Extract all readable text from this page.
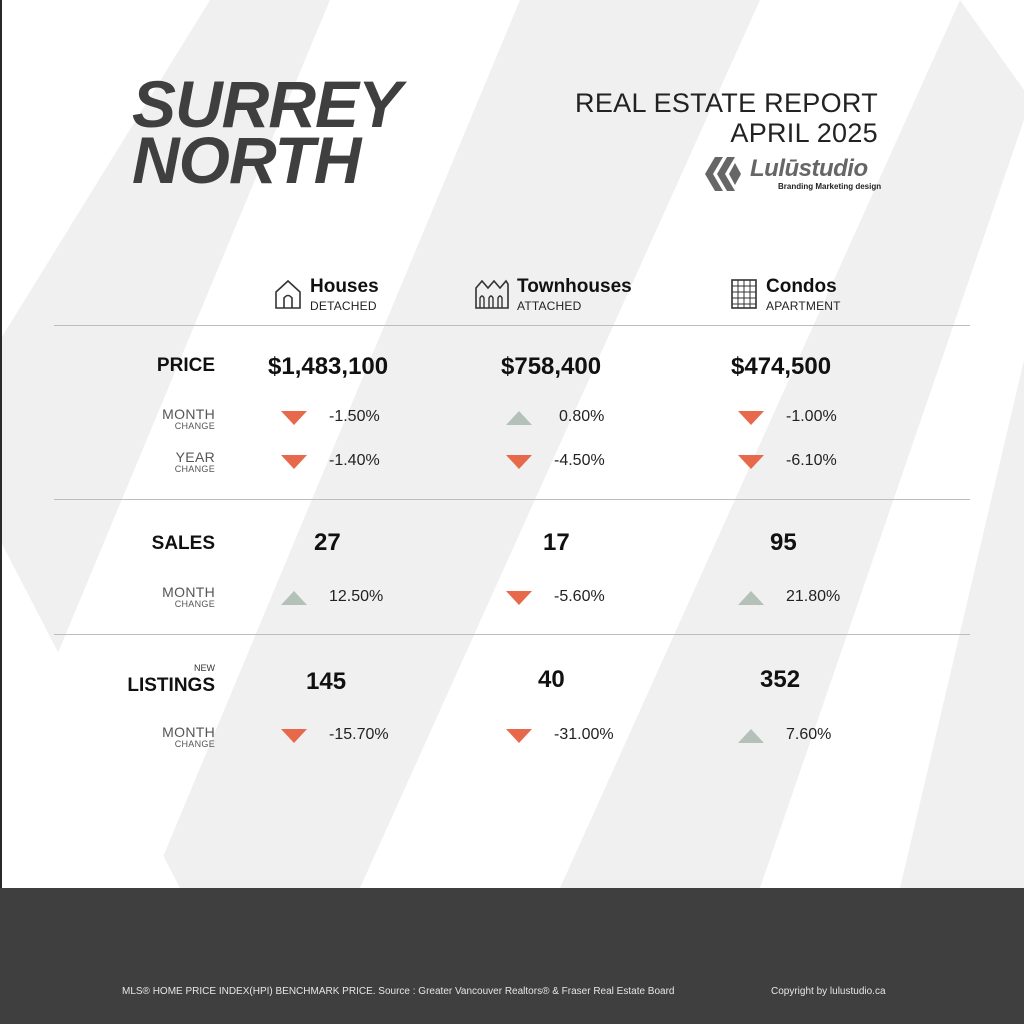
SURREY
NORTH
REAL ESTATE REPORT
APRIL 2025
Lulūstudio
Branding Marketing design
Houses
DETACHED
Townhouses
ATTACHED
Condos
APARTMENT
PRICE $1,483,100	$758,400	$474,500
MONTH
CHANGE
-1.50%	0.80%	-1.00%
YEAR
CHANGE	-1.40%	-4.50%	-6.10%
SALES	27	17	95
MONTH
CHANGE	12.50%	-5.60%	21.80%
NEW
LISTINGS	145	40	352
MONTH
CHANGE
-15.70%	-31.00%	7.60%
MLS® HOME PRICE INDEX(HPI) BENCHMARK PRICE. Source : Greater Vancouver Realtors® & Fraser Real Estate Board	Copyright by lulustudio.ca
